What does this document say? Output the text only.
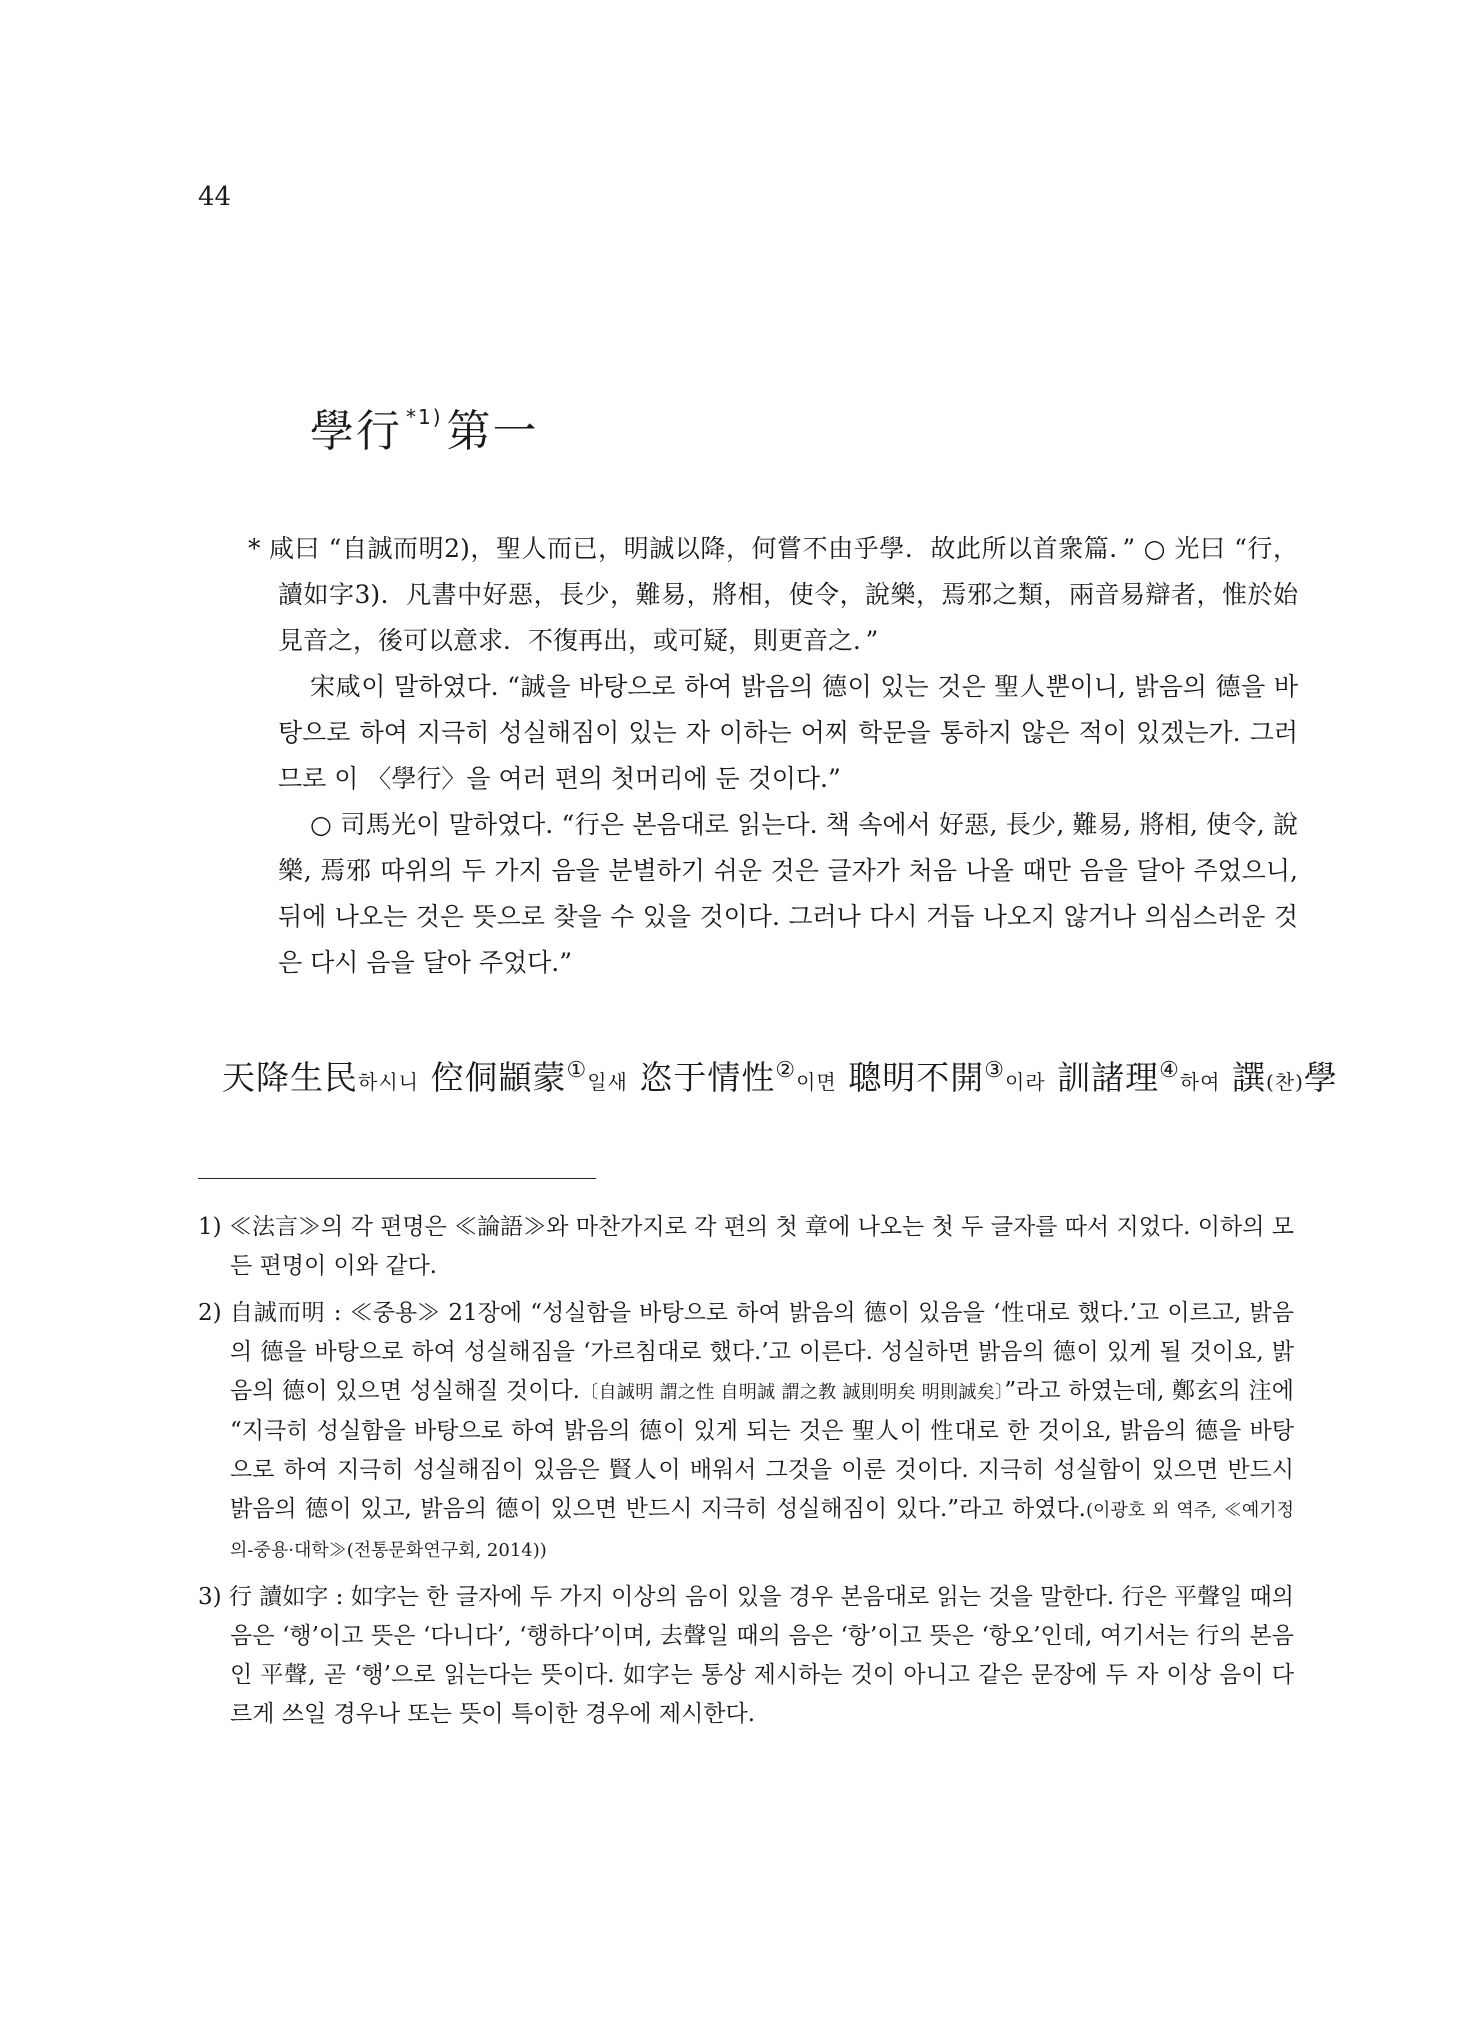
44
學行 $^{*1)}$第一

* 咸曰 “自誠而明2)，聖人而已，明誠以降，何嘗不由乎學．故此所以首衆篇．” ○ 光曰 “行，讀如字3)．凡書中好惡，長少，難易，將相，使令，說樂，焉邪之類，兩音易辯者，惟於始見音之，後可以意求．不復再出，或可疑，則更音之．”

宋咸이 말하였다. “誠을 바탕으로 하여 밝음의 德이 있는 것은 聖人뿐이니, 밝음의 德을 바탕으로 하여 지극히 성실해짐이 있는 자 이하는 어찌 학문을 통하지 않은 적이 있겠는가. 그러므로 이 〈學行〉을 여러 편의 첫머리에 둔 것이다.”

○ 司馬光이 말하였다. “行은 본음대로 읽는다. 책 속에서 好惡, 長少, 難易, 將相, 使令, 說樂, 焉邪 따위의 두 가지 음을 분별하기 쉬운 것은 글자가 처음 나올 때만 음을 달아 주었으니, 뒤에 나오는 것은 뜻으로 찾을 수 있을 것이다. 그러나 다시 거듭 나오지 않거나 의심스러운 것은 다시 음을 달아 주었다.”

天降生民하시니 倥侗顓蒙①일새 恣于情性②이면 聰明不開③이라 訓諸理④하여 譔(찬)學

1) ≪法言≫의 각 편명은 ≪論語≫와 마찬가지로 각 편의 첫 章에 나오는 첫 두 글자를 따서 지었다. 이하의 모든 편명이 이와 같다.

2) 自誠而明 : ≪중용≫ 21장에 “성실함을 바탕으로 하여 밝음의 德이 있음을 ‘性대로 했다.’고 이르고, 밝음의 德을 바탕으로 하여 성실해짐을 ‘가르침대로 했다.’고 이른다. 성실하면 밝음의 德이 있게 될 것이요, 밝음의 德이 있으면 성실해질 것이다.〔自誠明 謂之性 自明誠 謂之教 誠則明矣 明則誠矣〕”라고 하였는데, 鄭玄의 注에 “지극히 성실함을 바탕으로 하여 밝음의 德이 있게 되는 것은 聖人이 性대로 한 것이요, 밝음의 德을 바탕으로 하여 지극히 성실해짐이 있음은 賢人이 배워서 그것을 이룬 것이다. 지극히 성실함이 있으면 반드시 밝음의 德이 있고, 밝음의 德이 있으면 반드시 지극히 성실해짐이 있다.”라고 하였다.(이광호 외 역주, ≪예기정의-중용·대학≫(전통문화연구회, 2014))

3) 行 讀如字 : 如字는 한 글자에 두 가지 이상의 음이 있을 경우 본음대로 읽는 것을 말한다. 行은 平聲일 때의 음은 ‘행’이고 뜻은 ‘다니다’, ‘행하다’이며, 去聲일 때의 음은 ‘항’이고 뜻은 ‘항오’인데, 여기서는 行의 본음인 平聲, 곧 ‘행’으로 읽는다는 뜻이다. 如字는 통상 제시하는 것이 아니고 같은 문장에 두 자 이상 음이 다르게 쓰일 경우나 또는 뜻이 특이한 경우에 제시한다.
